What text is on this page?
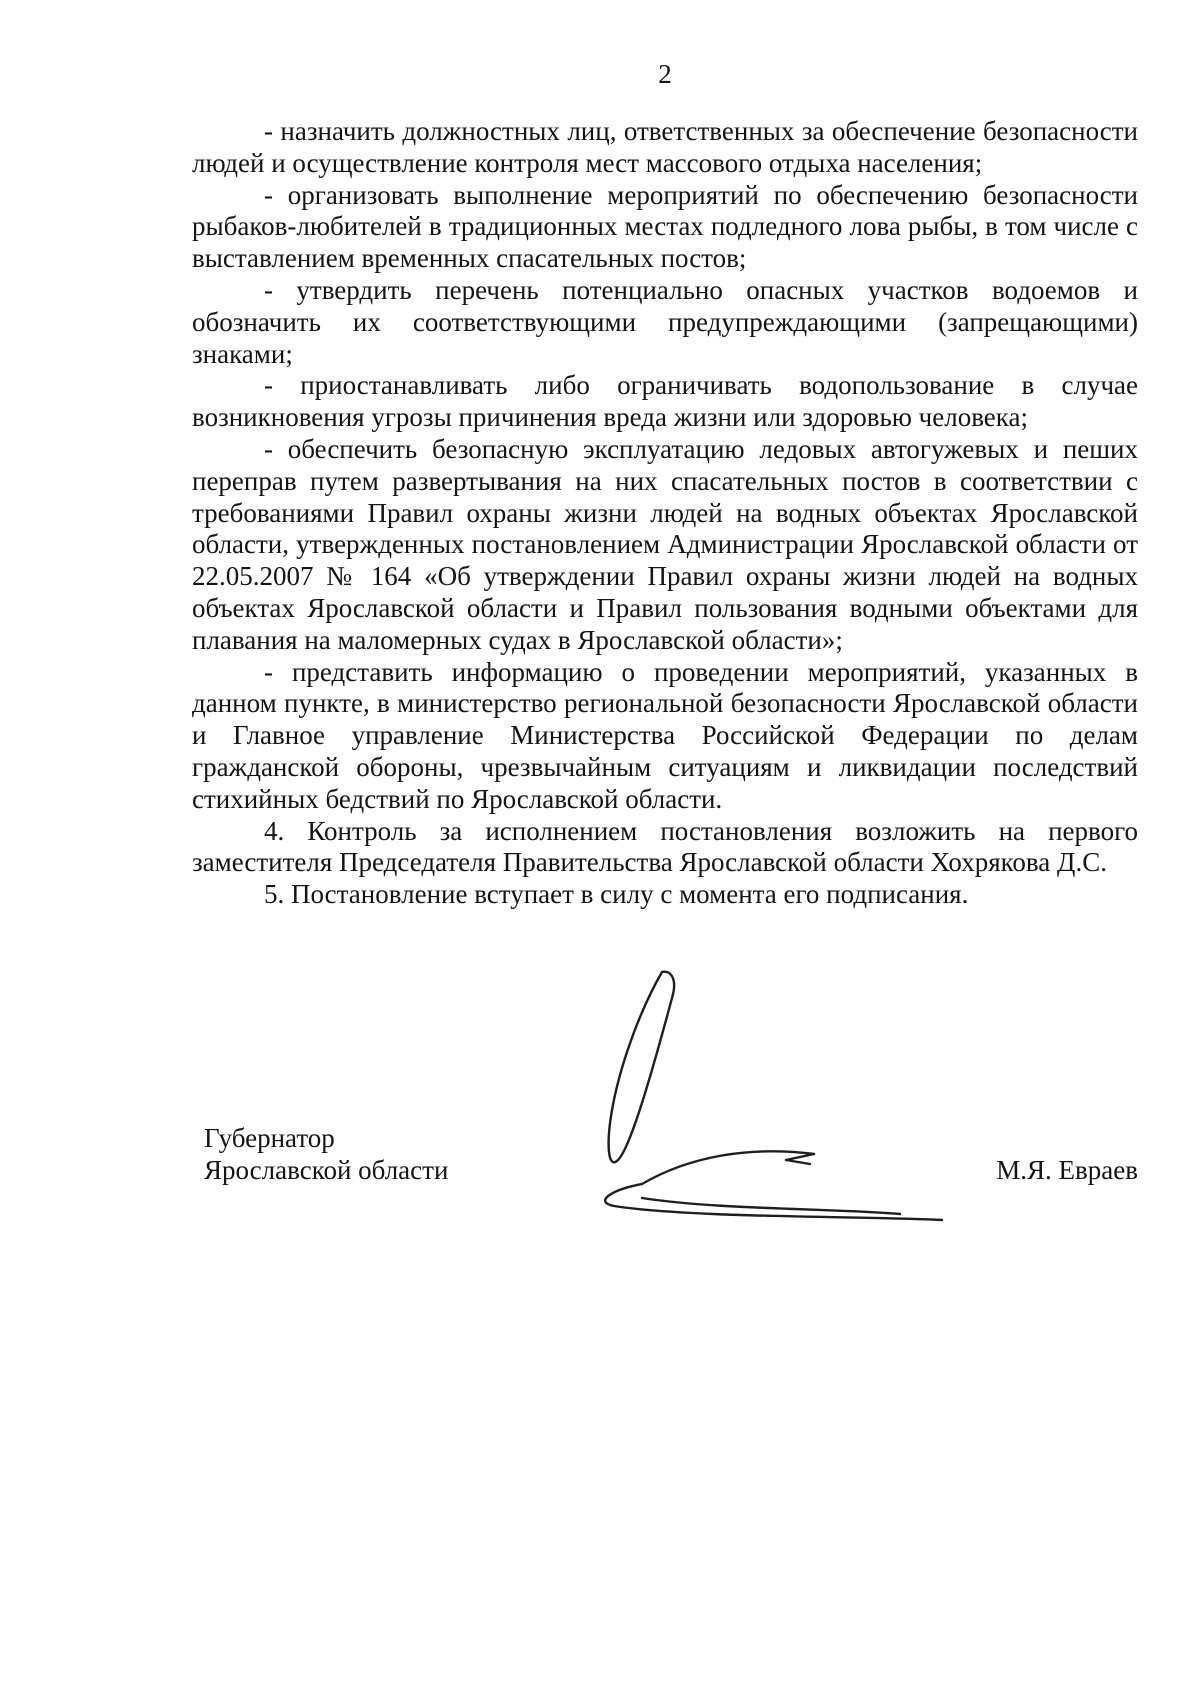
2

- назначить должностных лиц, ответственных за обеспечение безопасности людей и осуществление контроля мест массового отдыха населения;

- организовать выполнение мероприятий по обеспечению безопасности рыбаков-любителей в традиционных местах подледного лова рыбы, в том числе с выставлением временных спасательных постов;

- утвердить перечень потенциально опасных участков водоемов и обозначить их соответствующими предупреждающими (запрещающими) знаками;

- приостанавливать либо ограничивать водопользование в случае возникновения угрозы причинения вреда жизни или здоровью человека;

- обеспечить безопасную эксплуатацию ледовых автогужевых и пеших переправ путем развертывания на них спасательных постов в соответствии с требованиями Правил охраны жизни людей на водных объектах Ярославской области, утвержденных постановлением Администрации Ярославской области от 22.05.2007 № 164 «Об утверждении Правил охраны жизни людей на водных объектах Ярославской области и Правил пользования водными объектами для плавания на маломерных судах в Ярославской области»;

- представить информацию о проведении мероприятий, указанных в данном пункте, в министерство региональной безопасности Ярославской области и Главное управление Министерства Российской Федерации по делам гражданской обороны, чрезвычайным ситуациям и ликвидации последствий стихийных бедствий по Ярославской области.

4. Контроль за исполнением постановления возложить на первого заместителя Председателя Правительства Ярославской области Хохрякова Д.С.

5. Постановление вступает в силу с момента его подписания.

Губернатор
Ярославской области	М.Я. Евраев
